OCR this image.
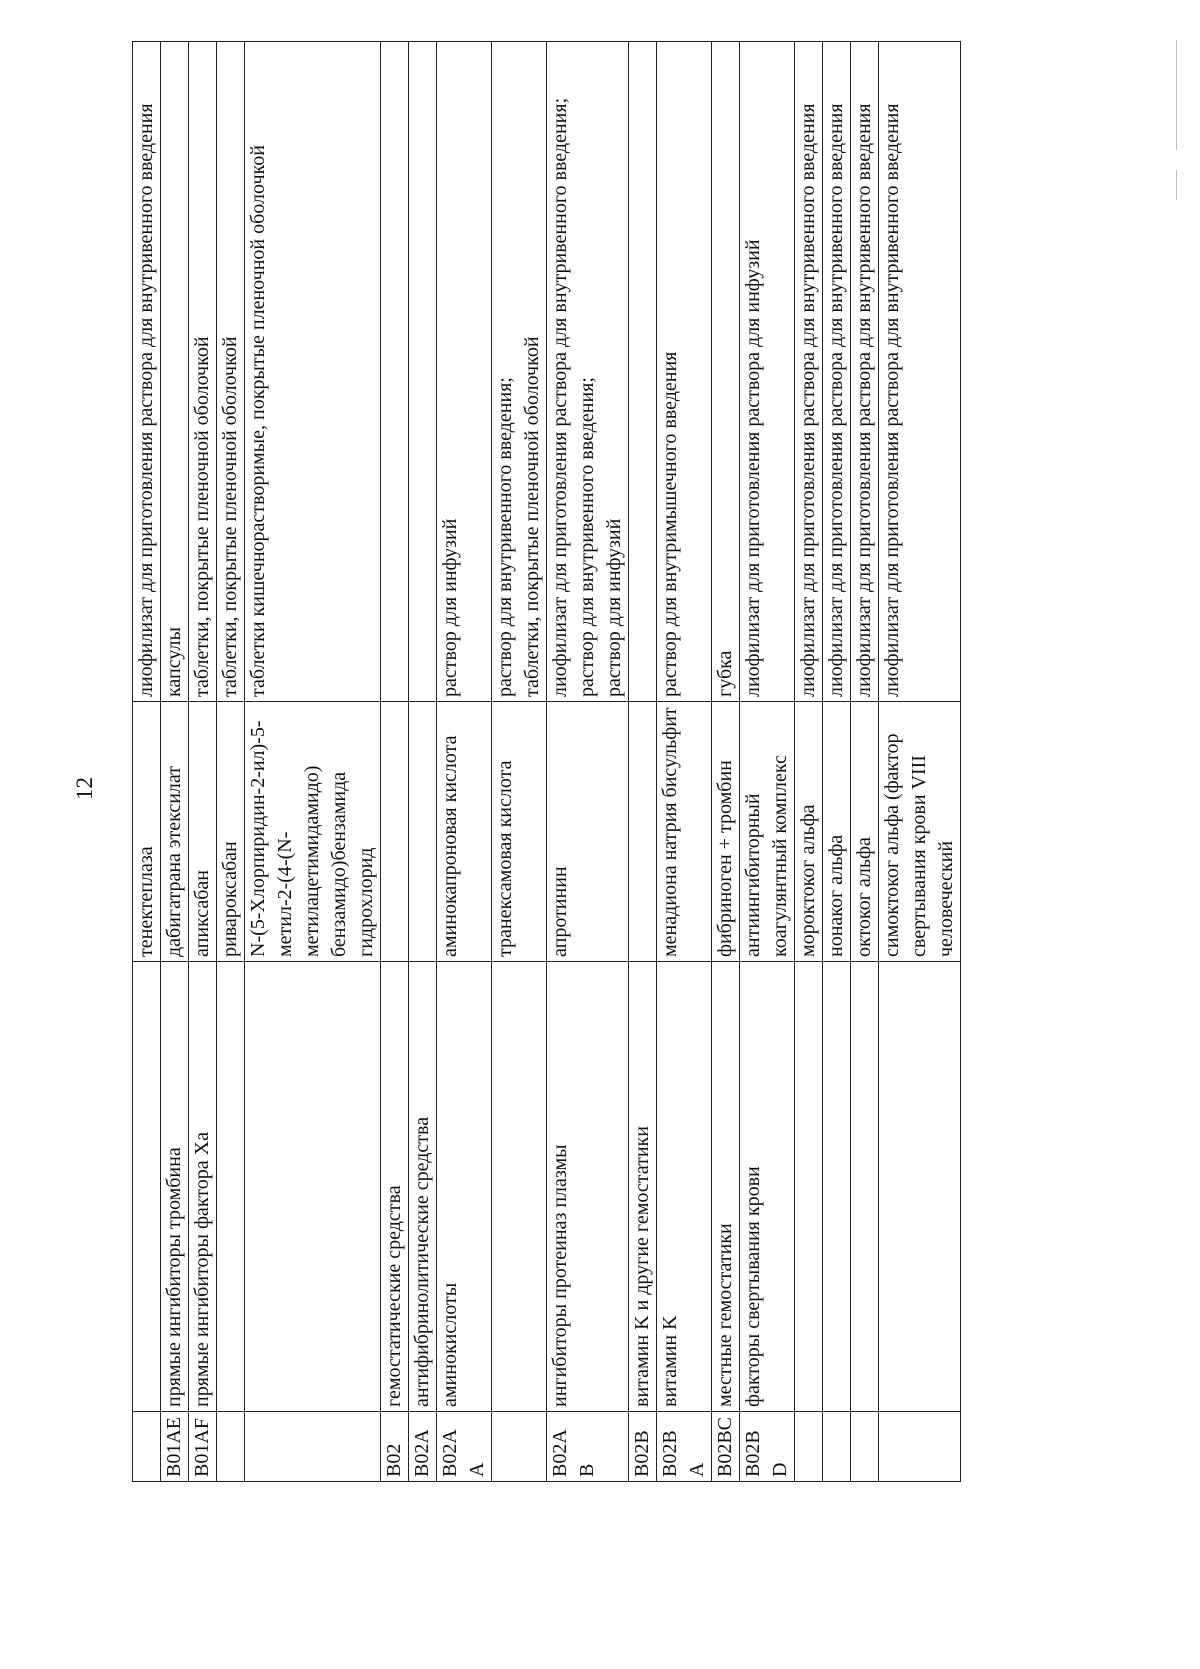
12
		тенектеплаза	лиофилизат для приготовления раствора для внутривенного введения
B01AE	прямые ингибиторы тромбина	дабигатрана этексилат	капсулы
B01AF	прямые ингибиторы фактора Xa	апиксабан	таблетки, покрытые пленочной оболочкой
		ривароксабан	таблетки, покрытые пленочной оболочкой
		N-(5-Хлорпиридин-2-ил)-5-метил-2-(4-(N-метилацетимидамидо) бензамидо)бензамида гидрохлорид	таблетки кишечнорастворимые, покрытые пленочной оболочкой
B02	гемостатические средства		
B02A	антифибринолитические средства		
B02AA	аминокислоты	аминокапроновая кислота	раствор для инфузий
		транексамовая кислота	раствор для внутривенного введения; таблетки, покрытые пленочной оболочкой
B02AB	ингибиторы протеиназ плазмы	апротинин	лиофилизат для приготовления раствора для внутривенного введения; раствор для внутривенного введения; раствор для инфузий
B02B	витамин K и другие гемостатики		
B02BA	витамин K	менадиона натрия бисульфит	раствор для внутримышечного введения
B02BC	местные гемостатики	фибриноген + тромбин	губка
B02BD	факторы свертывания крови	антиингибиторный коагулянтный комплекс	лиофилизат для приготовления раствора для инфузий
		мороктоког альфа	лиофилизат для приготовления раствора для внутривенного введения
		нонаког альфа	лиофилизат для приготовления раствора для внутривенного введения
		октоког альфа	лиофилизат для приготовления раствора для внутривенного введения
		симоктоког альфа (фактор свертывания крови VIII человеческий	лиофилизат для приготовления раствора для внутривенного введения
